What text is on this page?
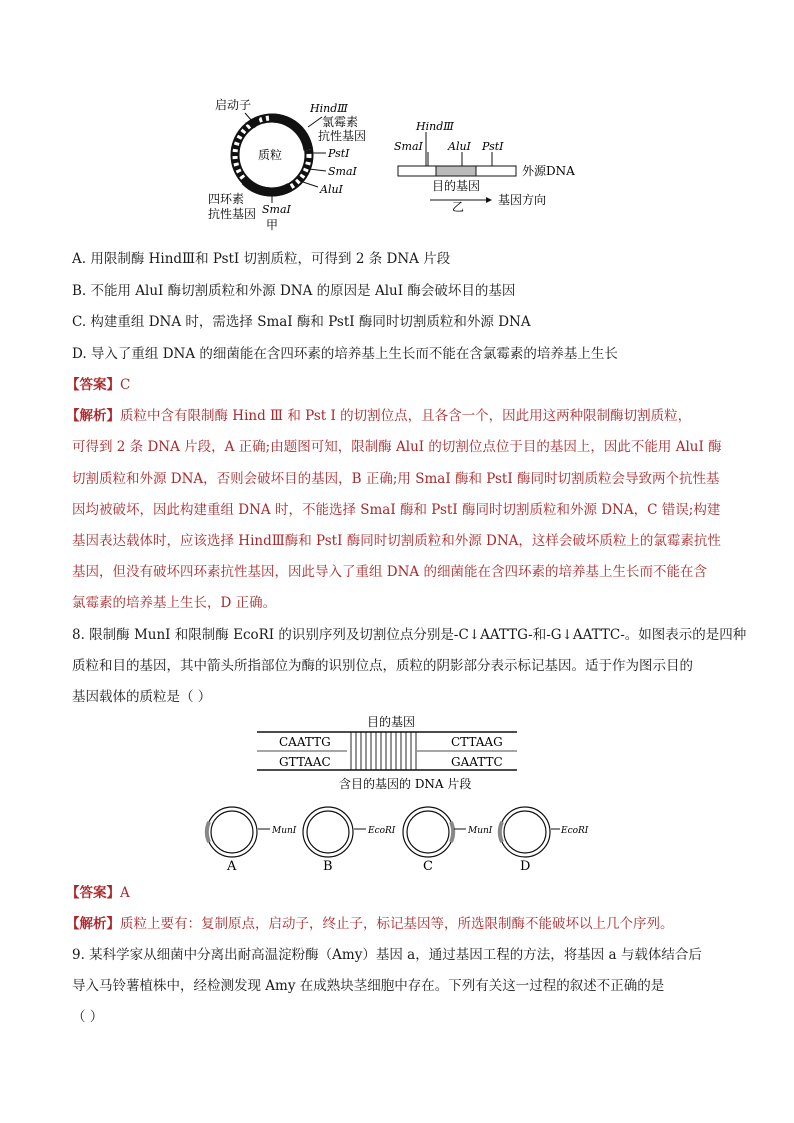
启动子
质粒
HindⅢ
氯霉素
抗性基因
PstⅠ
SmaⅠ
AluⅠ
四环素
抗性基因 SmaⅠ
甲
HindⅢ
SmaⅠ AluⅠ PstⅠ
外源DNA
目的基因
基因方向
乙
A. 用限制酶 HindⅢ和 PstI 切割质粒，可得到 2 条 DNA 片段
B. 不能用 AluI 酶切割质粒和外源 DNA 的原因是 AluI 酶会破坏目的基因
C. 构建重组 DNA 时，需选择 SmaI 酶和 PstI 酶同时切割质粒和外源 DNA
D. 导入了重组 DNA 的细菌能在含四环素的培养基上生长而不能在含氯霉素的培养基上生长
【答案】C
【解析】质粒中含有限制酶 Hind Ⅲ 和 Pst I 的切割位点，且各含一个，因此用这两种限制酶切割质粒，
可得到 2 条 DNA 片段，A 正确;由题图可知，限制酶 AluI 的切割位点位于目的基因上，因此不能用 AluI 酶
切割质粒和外源 DNA，否则会破坏目的基因，B 正确;用 SmaI 酶和 PstI 酶同时切割质粒会导致两个抗性基
因均被破坏，因此构建重组 DNA 时，不能选择 SmaI 酶和 PstI 酶同时切割质粒和外源 DNA，C 错误;构建
基因表达载体时，应该选择 HindⅢ酶和 PstI 酶同时切割质粒和外源 DNA，这样会破坏质粒上的氯霉素抗性
基因，但没有破坏四环素抗性基因，因此导入了重组 DNA 的细菌能在含四环素的培养基上生长而不能在含
氯霉素的培养基上生长，D 正确。
8. 限制酶 MunI 和限制酶 EcoRI 的识别序列及切割位点分别是-C↓AATTG-和-G↓AATTC-。如图表示的是四种
质粒和目的基因，其中箭头所指部位为酶的识别位点，质粒的阴影部分表示标记基因。适于作为图示目的
基因载体的质粒是（ ）
目的基因
CAATTG
GTTAAC
CTTAAG
GAATTC
含目的基因的 DNA 片段
MunⅠ
A
EcoRⅠ
B
MunⅠ
C
EcoRⅠ
D
【答案】A
【解析】质粒上要有：复制原点，启动子，终止子，标记基因等，所选限制酶不能破坏以上几个序列。
9. 某科学家从细菌中分离出耐高温淀粉酶（Amy）基因 a，通过基因工程的方法，将基因 a 与载体结合后
导入马铃薯植株中，经检测发现 Amy 在成熟块茎细胞中存在。下列有关这一过程的叙述不正确的是
（ ）
